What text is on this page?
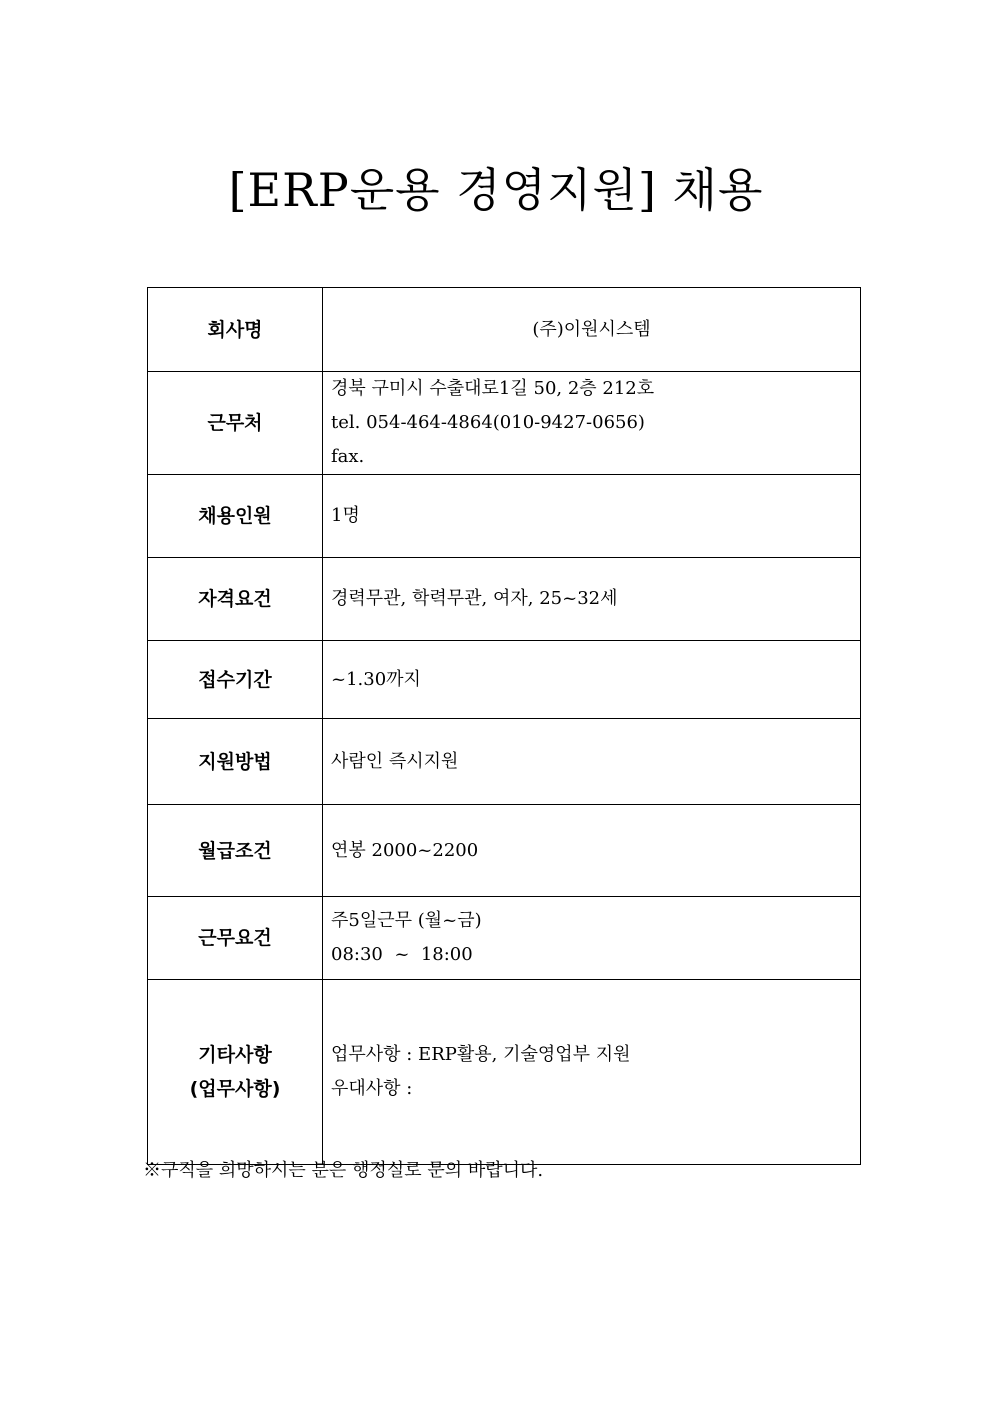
[ERP운용 경영지원] 채용
회사명	(주)이원시스템

근무처	경북 구미시 수출대로1길 50, 2층 212호
tel. 054-464-4864(010-9427-0656)
fax.

채용인원	1명

자격요건	경력무관, 학력무관, 여자, 25~32세

접수기간	~1.30까지

지원방법	사람인 즉시지원

월급조건	연봉 2000~2200

근무요건	주5일근무 (월~금)
08:30  ~  18:00

기타사항
(업무사항)	업무사항 : ERP활용, 기술영업부 지원
우대사항 :
※구직을 희망하시는 분은 행정실로 문의 바랍니다.
